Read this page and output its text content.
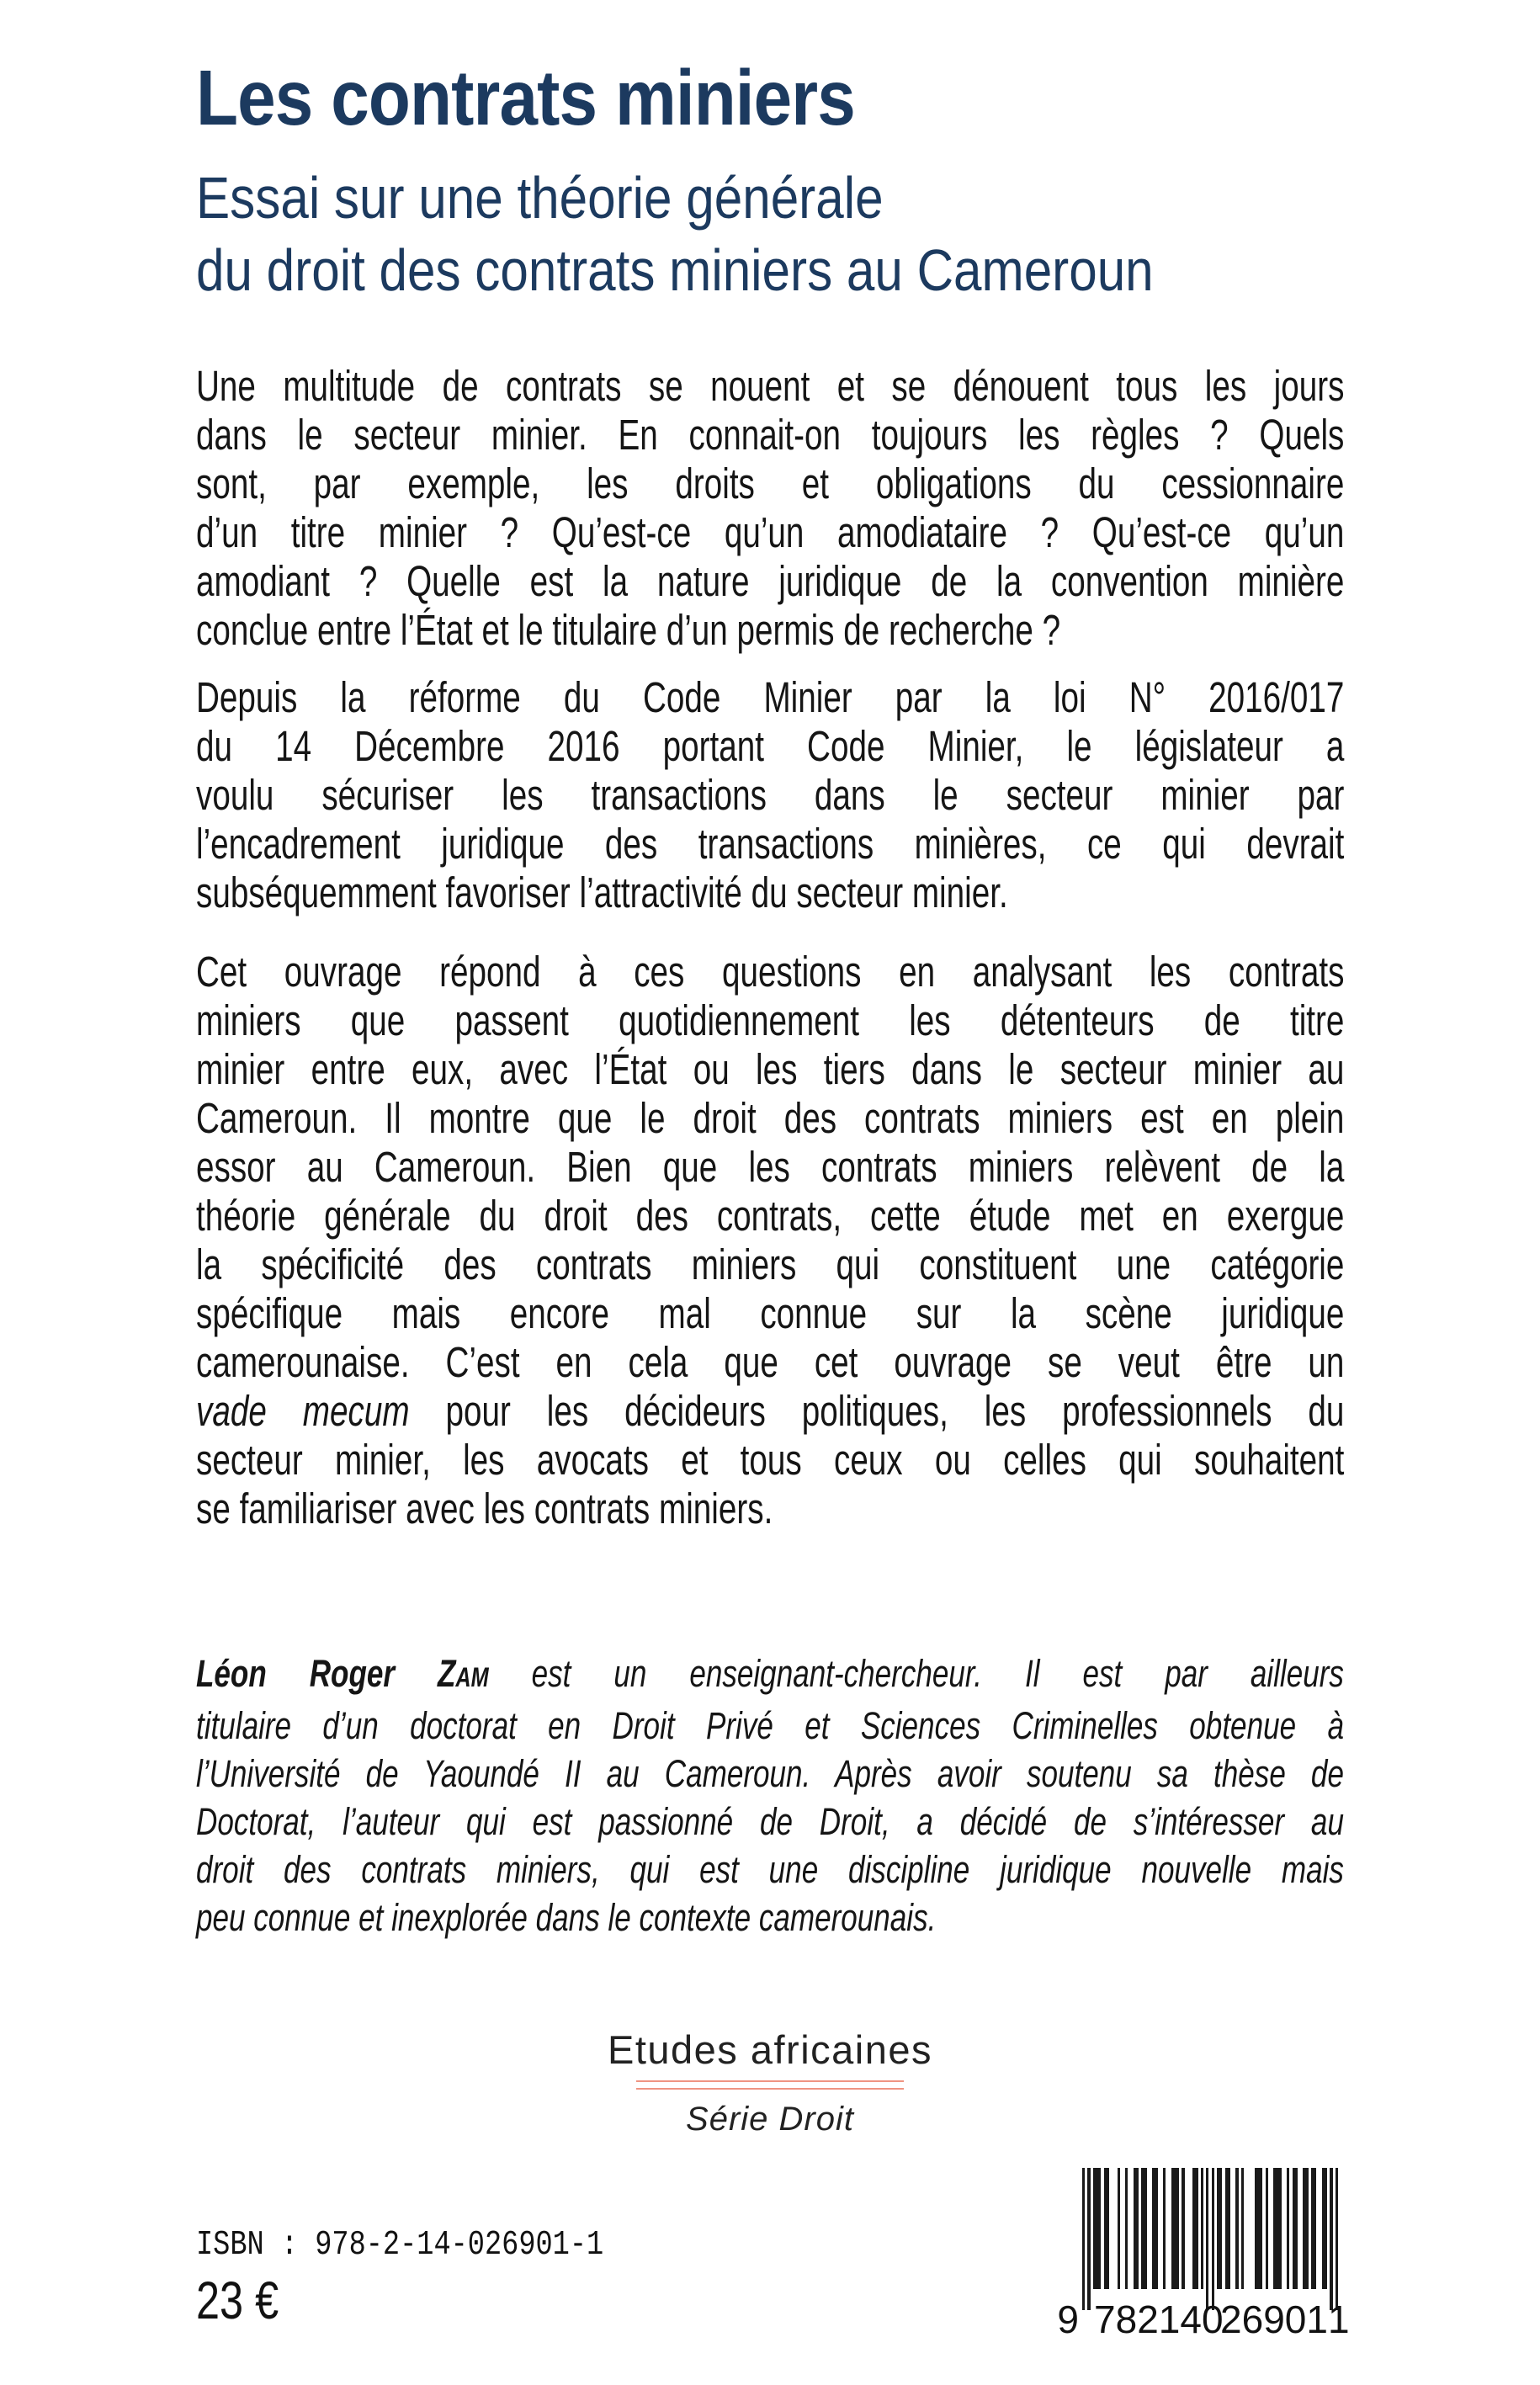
Les contrats miniers
Essai sur une théorie générale
du droit des contrats miniers au Cameroun
Une multitude de contrats se nouent et se dénouent tous les jours
dans le secteur minier. En connait-on toujours les règles ? Quels
sont, par exemple, les droits et obligations du cessionnaire
d’un titre minier ? Qu’est-ce qu’un amodiataire ? Qu’est-ce qu’un
amodiant ? Quelle est la nature juridique de la convention minière
conclue entre l’État et le titulaire d’un permis de recherche ?
Depuis la réforme du Code Minier par la loi N° 2016/017
du 14 Décembre 2016 portant Code Minier, le législateur a
voulu sécuriser les transactions dans le secteur minier par
l’encadrement juridique des transactions minières, ce qui devrait
subséquemment favoriser l’attractivité du secteur minier.
Cet ouvrage répond à ces questions en analysant les contrats
miniers que passent quotidiennement les détenteurs de titre
minier entre eux, avec l’État ou les tiers dans le secteur minier au
Cameroun. Il montre que le droit des contrats miniers est en plein
essor au Cameroun. Bien que les contrats miniers relèvent de la
théorie générale du droit des contrats, cette étude met en exergue
la spécificité des contrats miniers qui constituent une catégorie
spécifique mais encore mal connue sur la scène juridique
camerounaise. C’est en cela que cet ouvrage se veut être un
vade mecum pour les décideurs politiques, les professionnels du
secteur minier, les avocats et tous ceux ou celles qui souhaitent
se familiariser avec les contrats miniers.
Léon Roger ZAM est un enseignant-chercheur. Il est par ailleurs
titulaire d’un doctorat en Droit Privé et Sciences Criminelles obtenue à
l’Université de Yaoundé II au Cameroun. Après avoir soutenu sa thèse de
Doctorat, l’auteur qui est passionné de Droit, a décidé de s’intéresser au
droit des contrats miniers, qui est une discipline juridique nouvelle mais
peu connue et inexplorée dans le contexte camerounais.
Etudes africaines
Série Droit
ISBN : 978-2-14-026901-1
23 €	9 7 8 2 1 4 0
2 6 9 0 1 1
